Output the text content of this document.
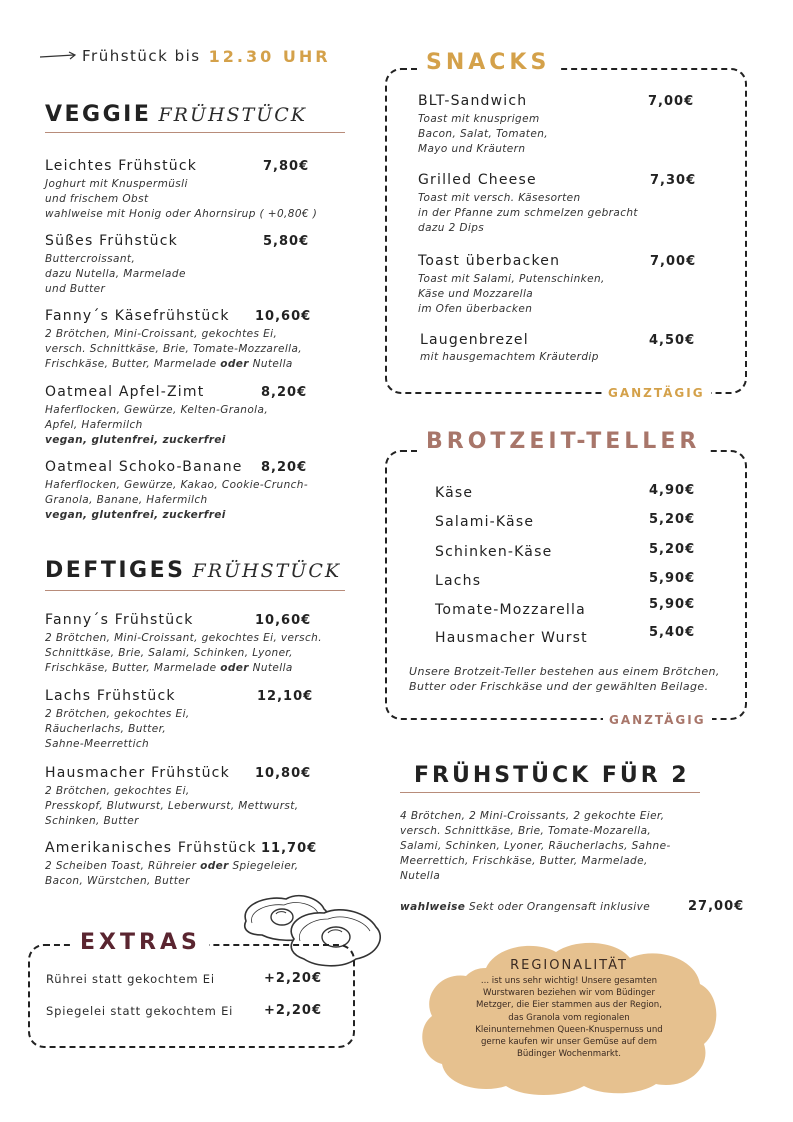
Frühstück bis 12.30 UHR
VEGGIE FRÜHSTÜCK
Leichtes Frühstück	7,80€
Joghurt mit Knuspermüsli
und frischem Obst
wahlweise mit Honig oder Ahornsirup ( +0,80€ )
Süßes Frühstück	5,80€
Buttercroissant,
dazu Nutella, Marmelade
und Butter
Fanny´s Käsefrühstück	10,60€
2 Brötchen, Mini-Croissant, gekochtes Ei,
versch. Schnittkäse, Brie, Tomate-Mozzarella,
Frischkäse, Butter, Marmelade oder Nutella
Oatmeal Apfel-Zimt	8,20€
Haferflocken, Gewürze, Kelten-Granola,
Apfel, Hafermilch
vegan, glutenfrei, zuckerfrei
Oatmeal Schoko-Banane	8,20€
Haferflocken, Gewürze, Kakao, Cookie-Crunch-
Granola, Banane, Hafermilch
vegan, glutenfrei, zuckerfrei
DEFTIGES FRÜHSTÜCK
Fanny´s Frühstück	10,60€
2 Brötchen, Mini-Croissant, gekochtes Ei, versch.
Schnittkäse, Brie, Salami, Schinken, Lyoner,
Frischkäse, Butter, Marmelade oder Nutella
Lachs Frühstück	12,10€
2 Brötchen, gekochtes Ei,
Räucherlachs, Butter,
Sahne-Meerrettich
Hausmacher Frühstück	10,80€
2 Brötchen, gekochtes Ei,
Presskopf, Blutwurst, Leberwurst, Mettwurst,
Schinken, Butter
Amerikanisches Frühstück 11,70€
2 Scheiben Toast, Rühreier oder Spiegeleier,
Bacon, Würstchen, Butter
EXTRAS
Rührei statt gekochtem Ei	+2,20€
Spiegelei statt gekochtem Ei +2,20€
SNACKS
GANZTÄGIG
BLT-Sandwich	7,00€
Toast mit knusprigem
Bacon, Salat, Tomaten,
Mayo und Kräutern
Grilled Cheese	7,30€
Toast mit versch. Käsesorten
in der Pfanne zum schmelzen gebracht
dazu 2 Dips
Toast überbacken	7,00€
Toast mit Salami, Putenschinken,
Käse und Mozzarella
im Ofen überbacken
Laugenbrezel	4,50€
mit hausgemachtem Kräuterdip
BROTZEIT-TELLER
GANZTÄGIG
Käse	4,90€
Salami-Käse	5,20€
Schinken-Käse	5,20€
Lachs	5,90€
Tomate-Mozzarella	5,90€
Hausmacher Wurst	5,40€
Unsere Brotzeit-Teller bestehen aus einem Brötchen,
Butter oder Frischkäse und der gewählten Beilage.
FRÜHSTÜCK FÜR 2
4 Brötchen, 2 Mini-Croissants, 2 gekochte Eier,
versch. Schnittkäse, Brie, Tomate-Mozarella,
Salami, Schinken, Lyoner, Räucherlachs, Sahne-
Meerrettich, Frischkäse, Butter, Marmelade,
Nutella
wahlweise Sekt oder Orangensaft inklusive	27,00€
REGIONALITÄT
... ist uns sehr wichtig! Unsere gesamten
Wurstwaren beziehen wir vom Büdinger
Metzger, die Eier stammen aus der Region,
das Granola vom regionalen
Kleinunternehmen Queen-Knuspernuss und
gerne kaufen wir unser Gemüse auf dem
Büdinger Wochenmarkt.
